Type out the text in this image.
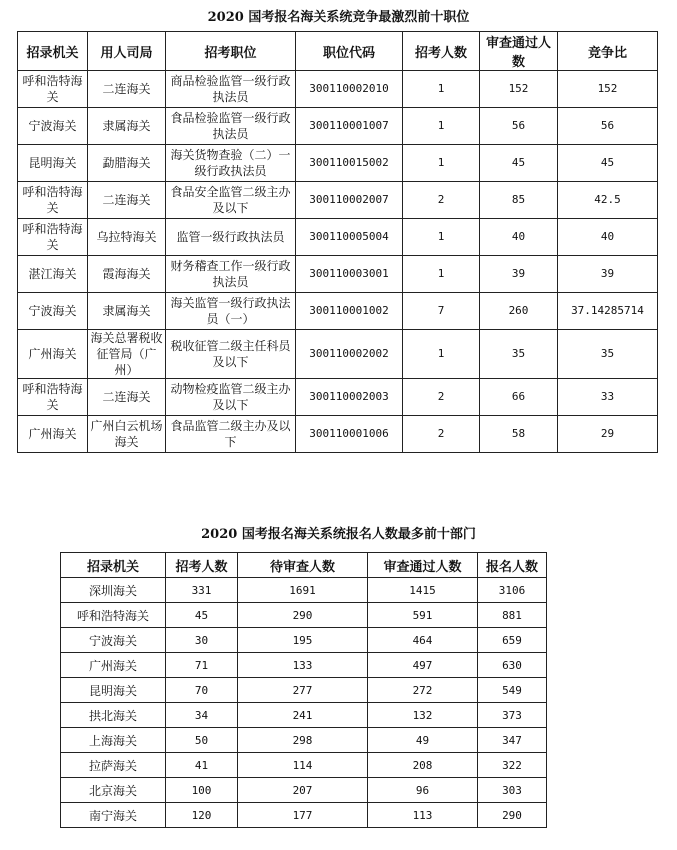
2020 国考报名海关系统竞争最激烈前十职位
招录机关	用人司局	招考职位	职位代码	招考人数	审查通过人数	竞争比
呼和浩特海关	二连海关	商品检验监管一级行政执法员	300110002010	1	152	152
宁波海关	隶属海关	食品检验监管一级行政执法员	300110001007	1	56	56
昆明海关	勐腊海关	海关货物查验（二）一级行政执法员	300110015002	1	45	45
呼和浩特海关	二连海关	食品安全监管二级主办及以下	300110002007	2	85	42.5
呼和浩特海关	乌拉特海关	监管一级行政执法员	300110005004	1	40	40
湛江海关	霞海海关	财务稽查工作一级行政执法员	300110003001	1	39	39
宁波海关	隶属海关	海关监管一级行政执法员（一）	300110001002	7	260	37.14285714
广州海关	海关总署税收征管局（广州）	税收征管二级主任科员及以下	300110002002	1	35	35
呼和浩特海关	二连海关	动物检疫监管二级主办及以下	300110002003	2	66	33
广州海关	广州白云机场海关	食品监管二级主办及以下	300110001006	2	58	29
2020 国考报名海关系统报名人数最多前十部门
招录机关	招考人数	待审查人数	审查通过人数	报名人数
深圳海关	331	1691	1415	3106
呼和浩特海关	45	290	591	881
宁波海关	30	195	464	659
广州海关	71	133	497	630
昆明海关	70	277	272	549
拱北海关	34	241	132	373
上海海关	50	298	49	347
拉萨海关	41	114	208	322
北京海关	100	207	96	303
南宁海关	120	177	113	290
